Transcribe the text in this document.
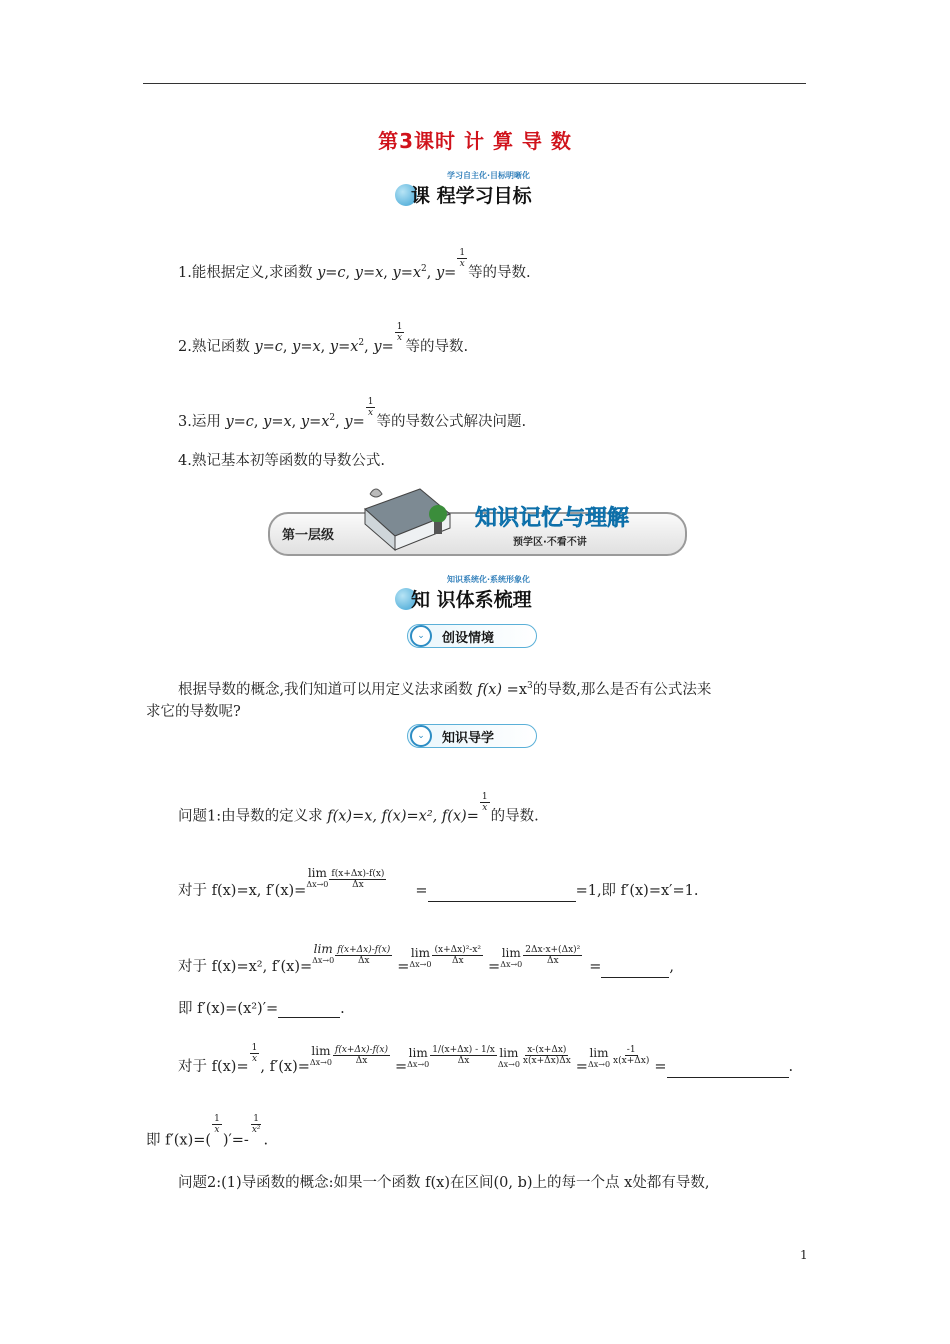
第3课时 计 算 导 数
学习自主化·目标明晰化
课 程学习目标
1.能根据定义,求函数 y=c, y=x, $y=x^2$, y=
$\frac{1}{x}$
等的导数.
2.熟记函数 y=c, y=x, $y=x^2$, y=
$\frac{1}{x}$
等的导数.
3.运用 y=c, y=x, $y=x^2$, y=
$\frac{1}{x}$
等的导数公式解决问题.
4.熟记基本初等函数的导数公式.
第一层级
知识记忆与理解
预学区·不看不讲
知识系统化·系统形象化
知 识体系梳理
⌄	创设情境
根据导数的概念,我们知道可以用定义法求函数 $f(x) =x^3$的导数,那么是否有公式法来
求它的导数呢?
⌄	知识导学
问题1:由导数的定义求 f(x)=x, f(x)=x², f(x)=
$\frac{1}{x}$
的导数.
对于 f(x)=x, f′(x)=
lim
$\Delta x\to 0 \frac{f(x+\Delta x)-f(x)}{\Delta x}$
=	=1,即 f′(x)=x′=1.
对于 f(x)=x², f′(x)=
lim
$\Delta x\to 0 \frac{f(x+\Delta x)-f(x)}{\Delta x}$
=
lim
$\Delta x\to 0 \frac{\text{(x+Δx)²-x²}}{\Delta x}$
=
lim
$\Delta x\to 0 \frac{\text{2Δx·x+(Δx)²}}{\Delta x}$
=	,
即 f′(x)=(x²)′=	.
对于 f(x)=
$\frac{1}{x}$
, f′(x)=
lim
$\Delta x\to 0 \frac{f(x+\Delta x)-f(x)}{\Delta x}$
=
lim
$\Delta x\to 0 \frac{1/(x+\Delta x) - 1/x}{\Delta x}$ lim
$\Delta x\to 0 \frac{x-(x+\Delta x)}{x(x+\Delta x)\Delta x}$
=
lim
$\Delta x\to 0 \frac{-1}{x(x+\Delta x)}$
=	.
即 f′(x)=(
$\frac{1}{x}$
)′=-
$\frac{1}{\text{x²}}$
.
问题2:(1)导函数的概念:如果一个函数 f(x)在区间(0, b)上的每一个点 x处都有导数,
1
